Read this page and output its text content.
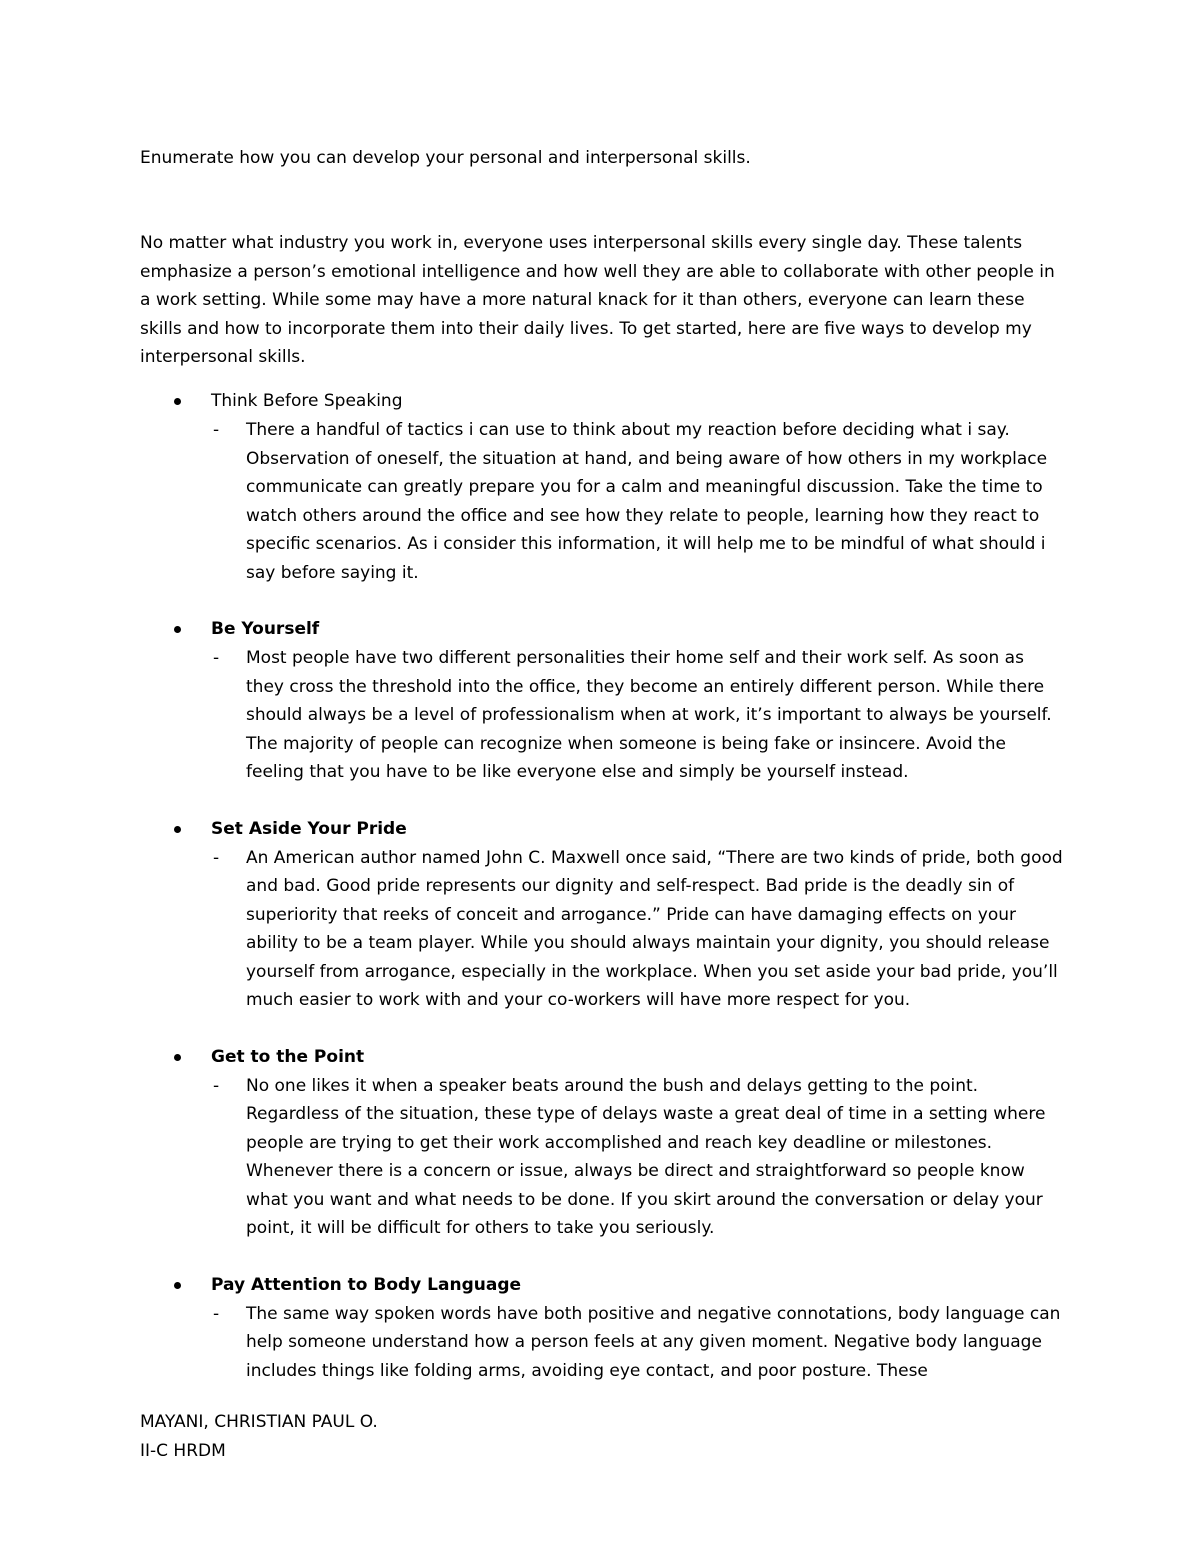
Enumerate how you can develop your personal and interpersonal skills.

No matter what industry you work in, everyone uses interpersonal skills every single day. These talents emphasize a person’s emotional intelligence and how well they are able to collaborate with other people in a work setting. While some may have a more natural knack for it than others, everyone can learn these skills and how to incorporate them into their daily lives. To get started, here are five ways to develop my interpersonal skills.

Think Before Speaking
- There a handful of tactics i can use to think about my reaction before deciding what i say. Observation of oneself, the situation at hand, and being aware of how others in my workplace communicate can greatly prepare you for a calm and meaningful discussion. Take the time to watch others around the office and see how they relate to people, learning how they react to specific scenarios. As i consider this information, it will help me to be mindful of what should i say before saying it.
Be Yourself
- Most people have two different personalities their home self and their work self. As soon as they cross the threshold into the office, they become an entirely different person. While there should always be a level of professionalism when at work, it’s important to always be yourself. The majority of people can recognize when someone is being fake or insincere. Avoid the feeling that you have to be like everyone else and simply be yourself instead.
Set Aside Your Pride
- An American author named John C. Maxwell once said, “There are two kinds of pride, both good and bad. Good pride represents our dignity and self-respect. Bad pride is the deadly sin of superiority that reeks of conceit and arrogance.” Pride can have damaging effects on your ability to be a team player. While you should always maintain your dignity, you should release yourself from arrogance, especially in the workplace. When you set aside your bad pride, you’ll much easier to work with and your co-workers will have more respect for you.
Get to the Point
- No one likes it when a speaker beats around the bush and delays getting to the point. Regardless of the situation, these type of delays waste a great deal of time in a setting where people are trying to get their work accomplished and reach key deadline or milestones. Whenever there is a concern or issue, always be direct and straightforward so people know what you want and what needs to be done. If you skirt around the conversation or delay your point, it will be difficult for others to take you seriously.
Pay Attention to Body Language
- The same way spoken words have both positive and negative connotations, body language can help someone understand how a person feels at any given moment. Negative body language includes things like folding arms, avoiding eye contact, and poor posture. These
MAYANI, CHRISTIAN PAUL O.
II-C HRDM
